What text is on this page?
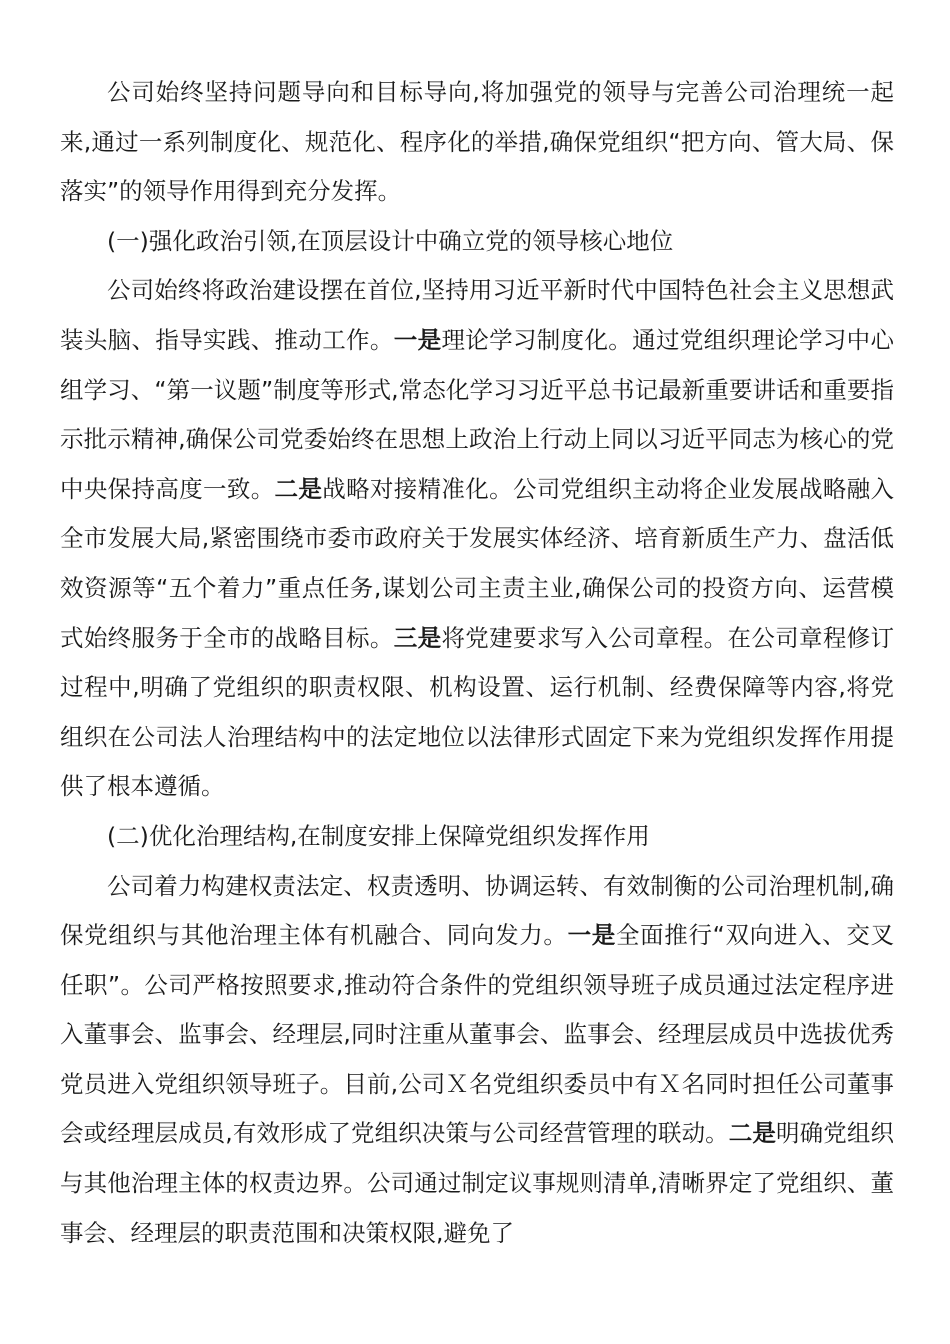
公司始终坚持问题导向和目标导向,将加强党的领导与完善公司治理统一起来,通过一系列制度化、规范化、程序化的举措,确保党组织“把方向、管大局、保落实”的领导作用得到充分发挥。

(一)强化政治引领,在顶层设计中确立党的领导核心地位

公司始终将政治建设摆在首位,坚持用习近平新时代中国特色社会主义思想武装头脑、指导实践、推动工作。一是理论学习制度化。通过党组织理论学习中心组学习、“第一议题”制度等形式,常态化学习习近平总书记最新重要讲话和重要指示批示精神,确保公司党委始终在思想上政治上行动上同以习近平同志为核心的党中央保持高度一致。二是战略对接精准化。公司党组织主动将企业发展战略融入全市发展大局,紧密围绕市委市政府关于发展实体经济、培育新质生产力、盘活低效资源等“五个着力”重点任务,谋划公司主责主业,确保公司的投资方向、运营模式始终服务于全市的战略目标。三是将党建要求写入公司章程。在公司章程修订过程中,明确了党组织的职责权限、机构设置、运行机制、经费保障等内容,将党组织在公司法人治理结构中的法定地位以法律形式固定下来为党组织发挥作用提供了根本遵循。

(二)优化治理结构,在制度安排上保障党组织发挥作用

公司着力构建权责法定、权责透明、协调运转、有效制衡的公司治理机制,确保党组织与其他治理主体有机融合、同向发力。一是全面推行“双向进入、交叉任职”。公司严格按照要求,推动符合条件的党组织领导班子成员通过法定程序进入董事会、监事会、经理层,同时注重从董事会、监事会、经理层成员中选拔优秀党员进入党组织领导班子。目前,公司Ｘ名党组织委员中有Ｘ名同时担任公司董事会或经理层成员,有效形成了党组织决策与公司经营管理的联动。二是明确党组织与其他治理主体的权责边界。公司通过制定议事规则清单,清晰界定了党组织、董事会、经理层的职责范围和决策权限,避免了
